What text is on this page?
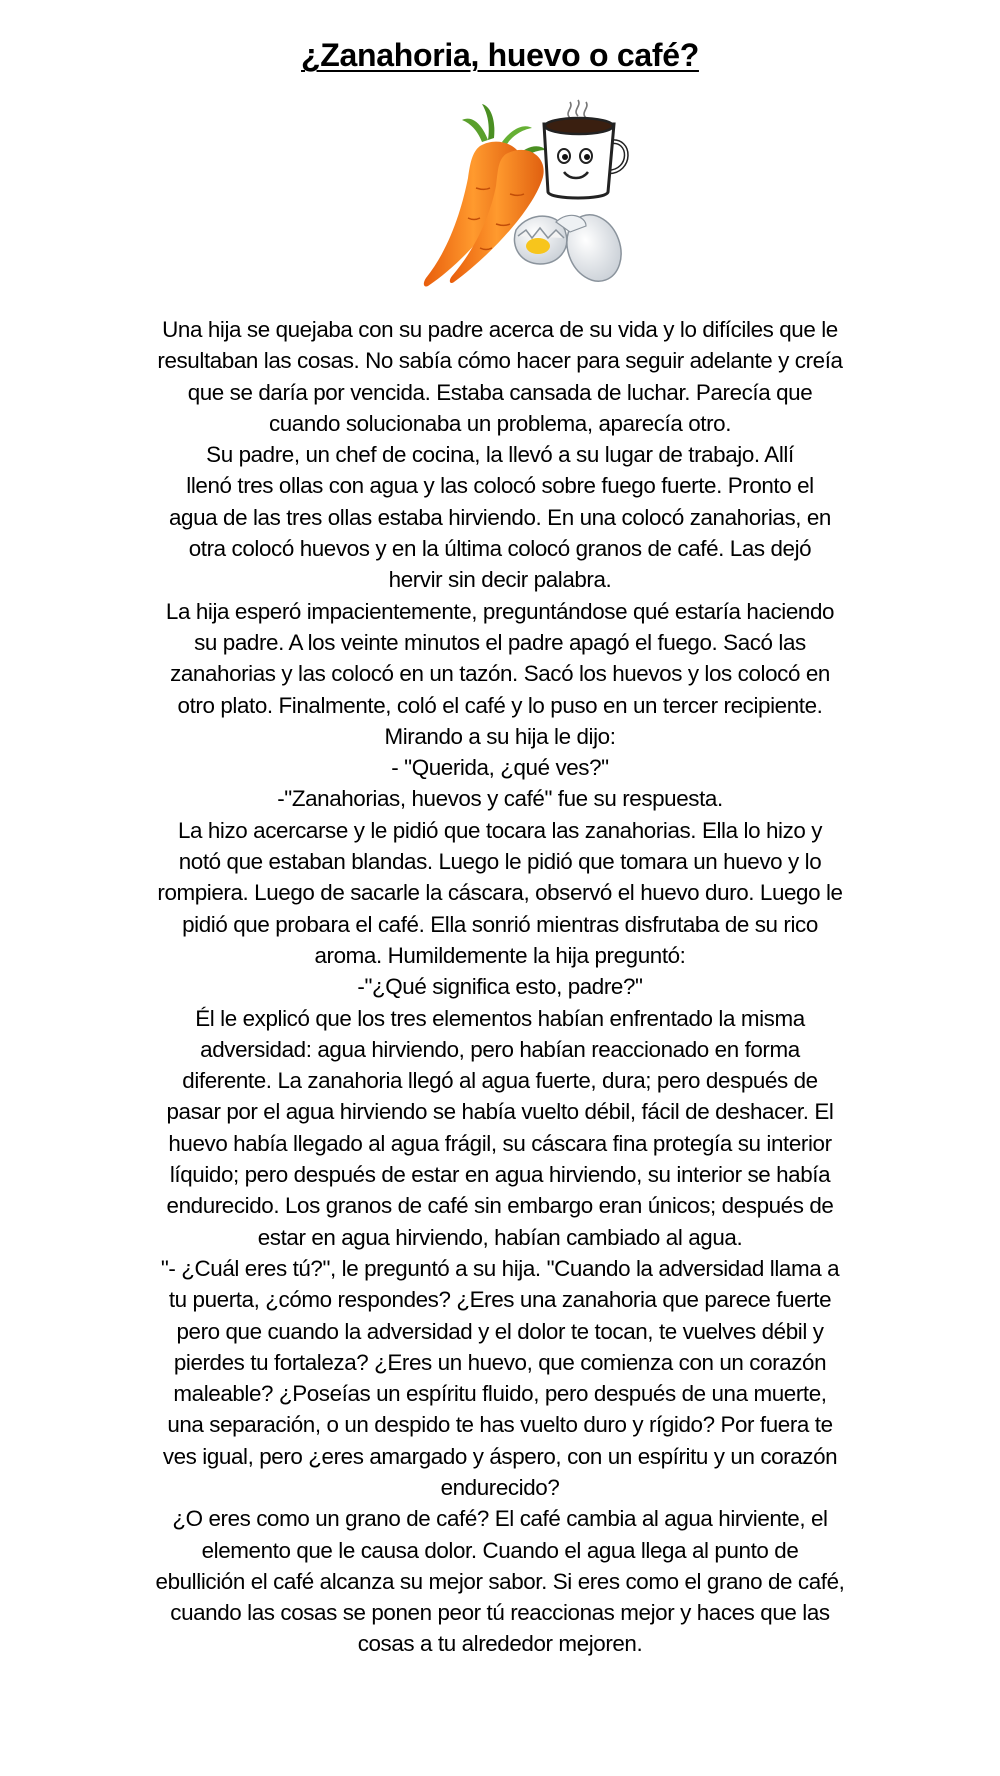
¿Zanahoria, huevo o café?

Una hija se quejaba con su padre acerca de su vida y lo difíciles que le

resultaban las cosas. No sabía cómo hacer para seguir adelante y creía

que se daría por vencida. Estaba cansada de luchar. Parecía que

cuando solucionaba un problema, aparecía otro.

Su padre, un chef de cocina, la llevó a su lugar de trabajo. Allí

llenó tres ollas con agua y las colocó sobre fuego fuerte. Pronto el

agua de las tres ollas estaba hirviendo. En una colocó zanahorias, en

otra colocó huevos y en la última colocó granos de café. Las dejó

hervir sin decir palabra.

La hija esperó impacientemente, preguntándose qué estaría haciendo

su padre. A los veinte minutos el padre apagó el fuego. Sacó las

zanahorias y las colocó en un tazón. Sacó los huevos y los colocó en

otro plato. Finalmente, coló el café y lo puso en un tercer recipiente.

Mirando a su hija le dijo:

- "Querida, ¿qué ves?"

-"Zanahorias, huevos y café" fue su respuesta.

La hizo acercarse y le pidió que tocara las zanahorias. Ella lo hizo y

notó que estaban blandas. Luego le pidió que tomara un huevo y lo

rompiera. Luego de sacarle la cáscara, observó el huevo duro. Luego le

pidió que probara el café. Ella sonrió mientras disfrutaba de su rico

aroma. Humildemente la hija preguntó:

-"¿Qué significa esto, padre?"

Él le explicó que los tres elementos habían enfrentado la misma

adversidad: agua hirviendo, pero habían reaccionado en forma

diferente. La zanahoria llegó al agua fuerte, dura; pero después de

pasar por el agua hirviendo se había vuelto débil, fácil de deshacer. El

huevo había llegado al agua frágil, su cáscara fina protegía su interior

líquido; pero después de estar en agua hirviendo, su interior se había

endurecido. Los granos de café sin embargo eran únicos; después de

estar en agua hirviendo, habían cambiado al agua.

"- ¿Cuál eres tú?", le preguntó a su hija. "Cuando la adversidad llama a

tu puerta, ¿cómo respondes? ¿Eres una zanahoria que parece fuerte

pero que cuando la adversidad y el dolor te tocan, te vuelves débil y

pierdes tu fortaleza? ¿Eres un huevo, que comienza con un corazón

maleable? ¿Poseías un espíritu fluido, pero después de una muerte,

una separación, o un despido te has vuelto duro y rígido? Por fuera te

ves igual, pero ¿eres amargado y áspero, con un espíritu y un corazón

endurecido?

¿O eres como un grano de café? El café cambia al agua hirviente, el

elemento que le causa dolor. Cuando el agua llega al punto de

ebullición el café alcanza su mejor sabor. Si eres como el grano de café,

cuando las cosas se ponen peor tú reaccionas mejor y haces que las

cosas a tu alrededor mejoren.
